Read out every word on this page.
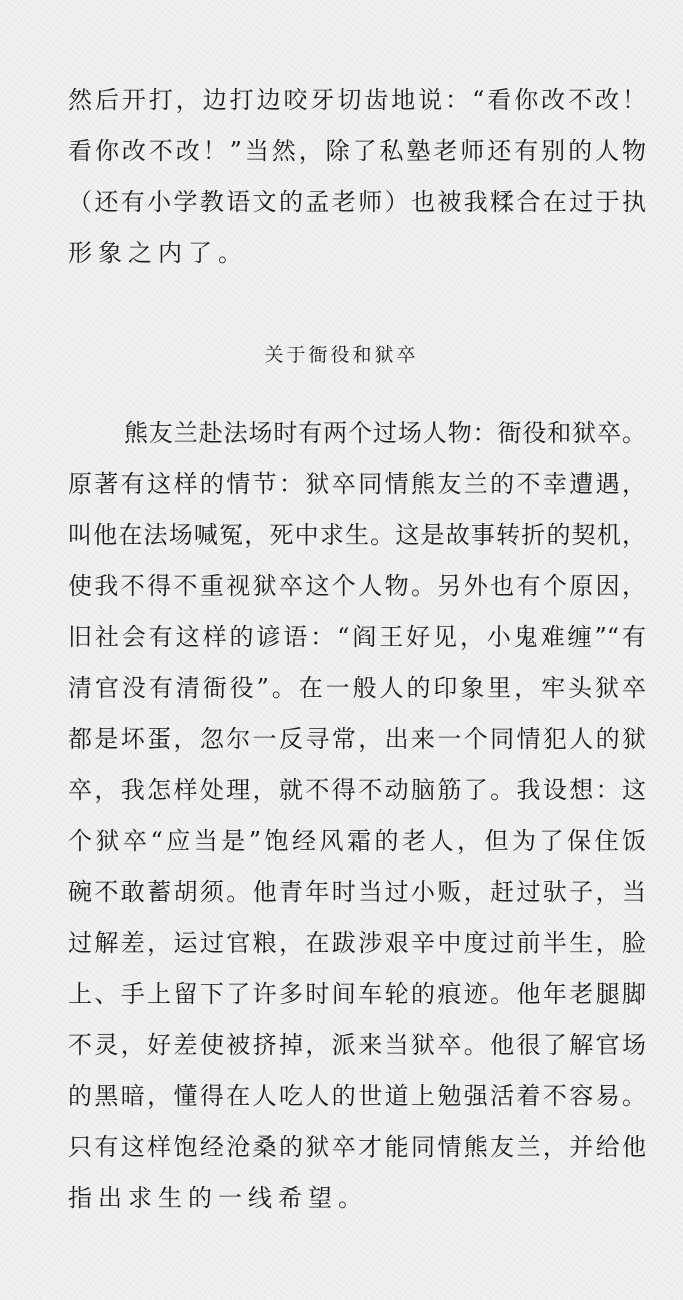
然后开打，边打边咬牙切齿地说：“看你改不改！
看你改不改！”当然，除了私塾老师还有别的人物
（还有小学教语文的孟老师）也被我糅合在过于执
形象之内了。
关于衙役和狱卒
熊友兰赴法场时有两个过场人物：衙役和狱卒。
原著有这样的情节：狱卒同情熊友兰的不幸遭遇，
叫他在法场喊冤，死中求生。这是故事转折的契机，
使我不得不重视狱卒这个人物。另外也有个原因，
旧社会有这样的谚语：“阎王好见，小鬼难缠”“有
清官没有清衙役”。在一般人的印象里，牢头狱卒
都是坏蛋，忽尔一反寻常，出来一个同情犯人的狱
卒，我怎样处理，就不得不动脑筋了。我设想：这
个狱卒“应当是”饱经风霜的老人，但为了保住饭
碗不敢蓄胡须。他青年时当过小贩，赶过驮子，当
过解差，运过官粮，在跋涉艰辛中度过前半生，脸
上、手上留下了许多时间车轮的痕迹。他年老腿脚
不灵，好差使被挤掉，派来当狱卒。他很了解官场
的黑暗，懂得在人吃人的世道上勉强活着不容易。
只有这样饱经沧桑的狱卒才能同情熊友兰，并给他
指出求生的一线希望。
